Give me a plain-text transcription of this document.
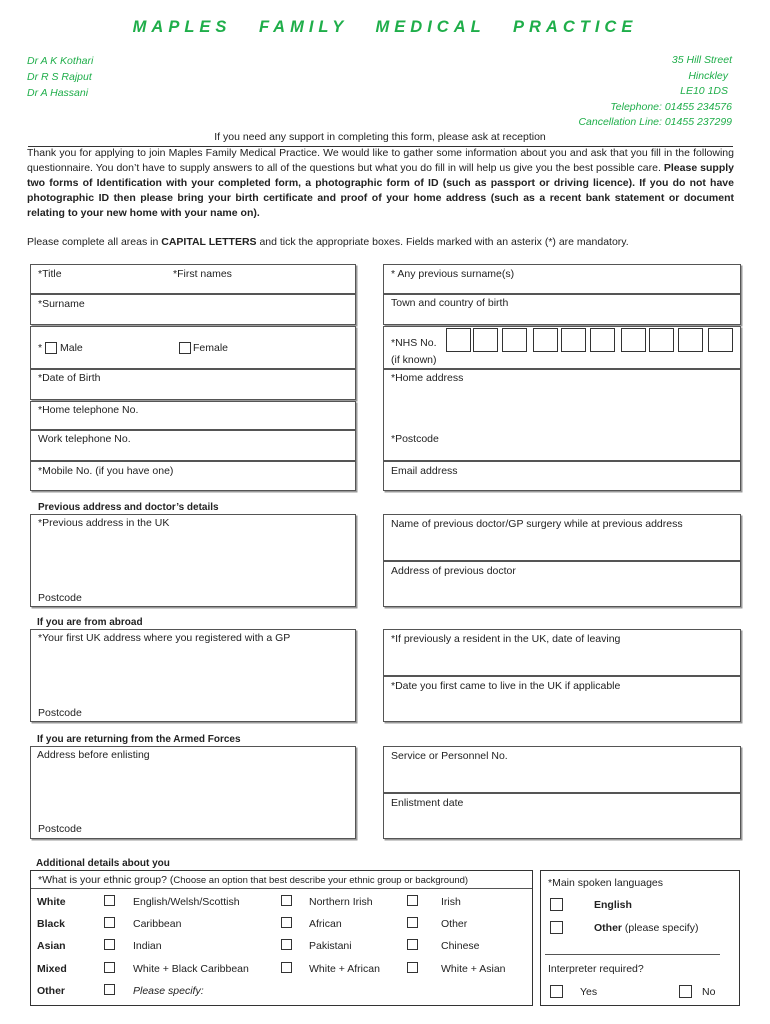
MAPLES FAMILY MEDICAL PRACTICE
Dr A K Kothari
Dr R S Rajput
Dr A Hassani
35 Hill Street
Hinckley
LE10 1DS
Telephone: 01455 234576
Cancellation Line: 01455 237299
If you need any support in completing this form, please ask at reception
Thank you for applying to join Maples Family Medical Practice. We would like to gather some information about you and ask that you fill in the following questionnaire. You don’t have to supply answers to all of the questions but what you do fill in will help us give you the best possible care. Please supply two forms of Identification with your completed form, a photographic form of ID (such as passport or driving licence). If you do not have photographic ID then please bring your birth certificate and proof of your home address (such as a recent bank statement or document relating to your new home with your name on).
Please complete all areas in CAPITAL LETTERS and tick the appropriate boxes. Fields marked with an asterix (*) are mandatory.
*Title	*First names
*Surname
* Male	Female
*Date of Birth
*Home telephone No.
Work telephone No.
*Mobile No. (if you have one)
* Any previous surname(s)
Town and country of birth
*NHS No.
(if known)
*Home address
*Postcode
Email address
Previous address and doctor’s details
*Previous address in the UK
Postcode
Name of previous doctor/GP surgery while at previous address
Address of previous doctor
If you are from abroad
*Your first UK address where you registered with a GP
Postcode
*If previously a resident in the UK, date of leaving
*Date you first came to live in the UK if applicable
If you are returning from the Armed Forces
Address before enlisting
Postcode
Service or Personnel No.
Enlistment date
Additional details about you
*What is your ethnic group? (Choose an option that best describe your ethnic group or background)
White	English/Welsh/Scottish	Northern Irish	Irish
Black	Caribbean	African	Other
Asian	Indian	Pakistani	Chinese
Mixed	White + Black Caribbean	White + African	White + Asian
Other	Please specify:
*Main spoken languages
English
Other (please specify)
Interpreter required?
Yes	No
